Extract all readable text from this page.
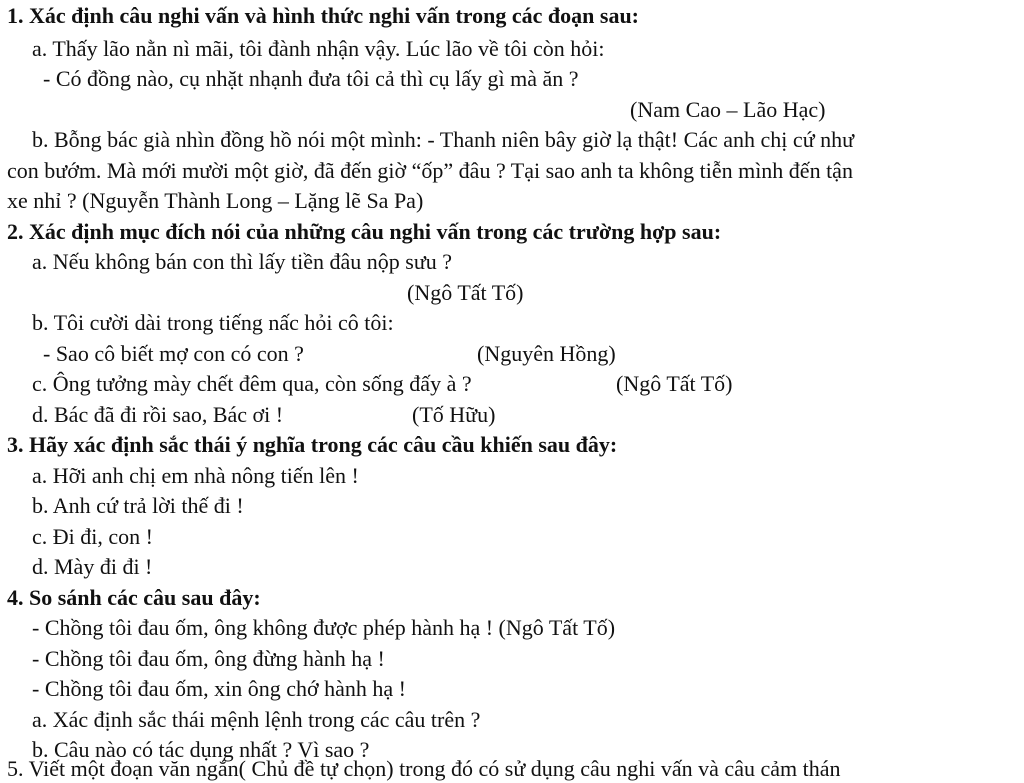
1. Xác định câu nghi vấn và hình thức nghi vấn trong các đoạn sau:
a. Thấy lão nằn nì mãi, tôi đành nhận vậy. Lúc lão về tôi còn hỏi:
- Có đồng nào, cụ nhặt nhạnh đưa tôi cả thì cụ lấy gì mà ăn ?
(Nam Cao – Lão Hạc)
b. Bỗng bác già nhìn đồng hồ nói một mình: - Thanh niên bây giờ lạ thật! Các anh chị cứ như
con bướm. Mà mới mười một giờ, đã đến giờ “ốp” đâu ? Tại sao anh ta không tiễn mình đến tận
xe nhỉ ? (Nguyễn Thành Long – Lặng lẽ Sa Pa)
2. Xác định mục đích nói của những câu nghi vấn trong các trường hợp sau:
a. Nếu không bán con thì lấy tiền đâu nộp sưu ?
(Ngô Tất Tố)
b. Tôi cười dài trong tiếng nấc hỏi cô tôi:
- Sao cô biết mợ con có con ?	(Nguyên Hồng)
c. Ông tưởng mày chết đêm qua, còn sống đấy à ?	(Ngô Tất Tố)
d. Bác đã đi rồi sao, Bác ơi !	(Tố Hữu)
3. Hãy xác định sắc thái ý nghĩa trong các câu cầu khiến sau đây:
a. Hỡi anh chị em nhà nông tiến lên !
b. Anh cứ trả lời thế đi !
c. Đi đi, con !
d. Mày đi đi !
4. So sánh các câu sau đây:
- Chồng tôi đau ốm, ông không được phép hành hạ ! (Ngô Tất Tố)
- Chồng tôi đau ốm, ông đừng hành hạ !
- Chồng tôi đau ốm, xin ông chớ hành hạ !
a. Xác định sắc thái mệnh lệnh trong các câu trên ?
b. Câu nào có tác dụng nhất ? Vì sao ?
5. Viết một đoạn văn ngắn( Chủ đề tự chọn) trong đó có sử dụng câu nghi vấn và câu cảm thán
